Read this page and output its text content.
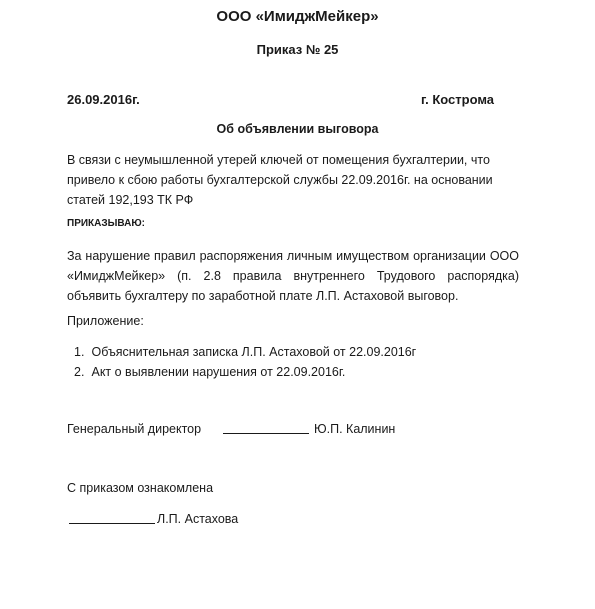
ООО «ИмиджМейкер»
Приказ № 25
26.09.2016г.	г. Кострома
Об объявлении выговора
В связи с неумышленной утерей ключей от помещения бухгалтерии, что привело к сбою работы бухгалтерской службы 22.09.2016г. на основании статей 192,193 ТК РФ
ПРИКАЗЫВАЮ:
За нарушение правил распоряжения личным имуществом организации ООО «ИмиджМейкер» (п. 2.8 правила внутреннего Трудового распорядка) объявить бухгалтеру по заработной плате Л.П. Астаховой выговор.
Приложение:
1. Объяснительная записка Л.П. Астаховой от 22.09.2016г
2. Акт о выявлении нарушения от 22.09.2016г.
Генеральный директор	Ю.П. Калинин
С приказом ознакомлена
Л.П. Астахова
